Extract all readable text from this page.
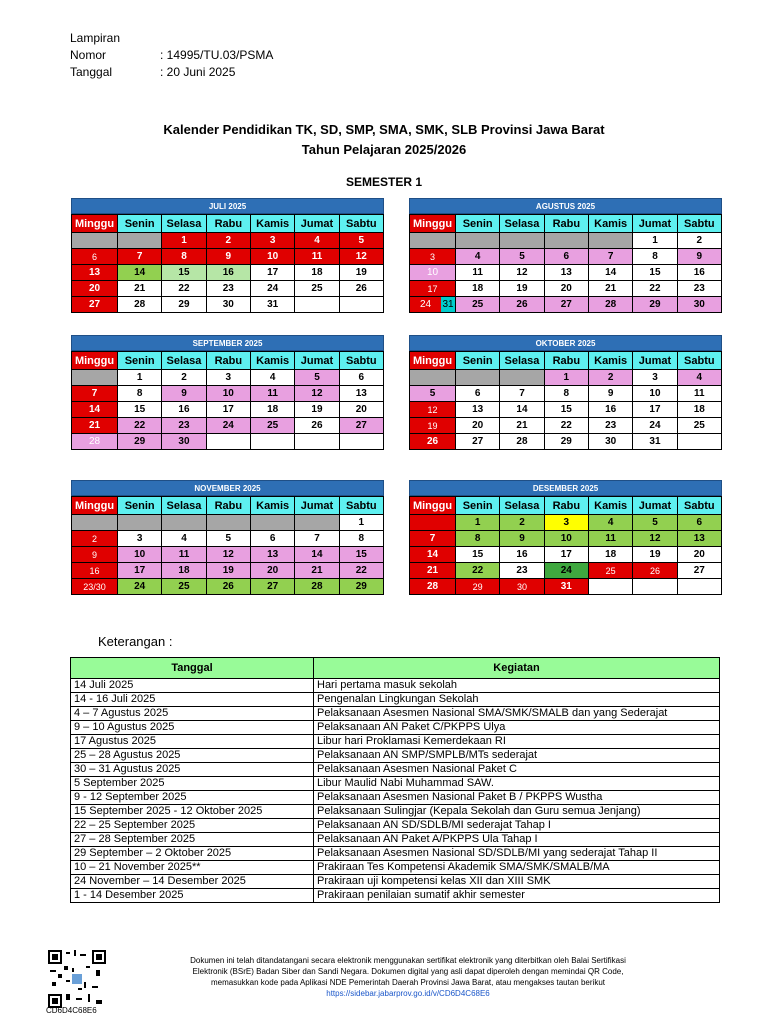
Lampiran
Nomor	: 14995/TU.03/PSMA
Tanggal	: 20 Juni 2025
Kalender Pendidikan TK, SD, SMP, SMA, SMK, SLB Provinsi Jawa Barat
Tahun Pelajaran 2025/2026
SEMESTER 1
JULI 2025
Minggu	Senin	Selasa	Rabu	Kamis	Jumat	Sabtu
		1	2	3	4	5
6	7	8	9	10	11	12
13	14	15	16	17	18	19
20	21	22	23	24	25	26
27	28	29	30	31		
AGUSTUS 2025
Minggu	Senin	Selasa	Rabu	Kamis	Jumat	Sabtu
					1	2
3	4	5	6	7	8	9
10	11	12	13	14	15	16
17	18	19	20	21	22	23

24 31	25	26	27	28	29	30
SEPTEMBER 2025
Minggu	Senin	Selasa	Rabu	Kamis	Jumat	Sabtu
	1	2	3	4	5	6
7	8	9	10	11	12	13
14	15	16	17	18	19	20
21	22	23	24	25	26	27
28	29	30				
OKTOBER 2025
Minggu	Senin	Selasa	Rabu	Kamis	Jumat	Sabtu
			1	2	3	4
5	6	7	8	9	10	11
12	13	14	15	16	17	18
19	20	21	22	23	24	25
26	27	28	29	30	31	
NOVEMBER 2025
Minggu	Senin	Selasa	Rabu	Kamis	Jumat	Sabtu
						1
2	3	4	5	6	7	8
9	10	11	12	13	14	15
16	17	18	19	20	21	22
23/30	24	25	26	27	28	29
DESEMBER 2025
Minggu	Senin	Selasa	Rabu	Kamis	Jumat	Sabtu
	1	2	3	4	5	6
7	8	9	10	11	12	13
14	15	16	17	18	19	20
21	22	23	24	25	26	27
28	29	30	31			
Keterangan :
Tanggal	Kegiatan
14 Juli 2025	Hari pertama masuk sekolah
14 - 16 Juli 2025	Pengenalan Lingkungan Sekolah
4 – 7 Agustus 2025	Pelaksanaan Asesmen Nasional SMA/SMK/SMALB dan yang Sederajat
9 – 10 Agustus 2025	Pelaksanaan AN Paket C/PKPPS Ulya
17 Agustus 2025	Libur hari Proklamasi Kemerdekaan RI
25 – 28 Agustus 2025	Pelaksanaan AN SMP/SMPLB/MTs sederajat
30 – 31 Agustus 2025	Pelaksanaan Asesmen Nasional Paket C
5 September 2025	Libur Maulid Nabi Muhammad SAW.
9 - 12 September 2025	Pelaksanaan Asesmen Nasional Paket B / PKPPS Wustha
15 September 2025 - 12 Oktober 2025	Pelaksanaan Sulingjar (Kepala Sekolah dan Guru semua Jenjang)
22 – 25 September 2025	Pelaksanaan AN SD/SDLB/MI sederajat Tahap I
27 – 28 September 2025	Pelaksanaan AN Paket A/PKPPS Ula Tahap I
29 September – 2 Oktober 2025	Pelaksanaan Asesmen Nasional SD/SDLB/MI yang sederajat Tahap II
10 – 21 November 2025**	Prakiraan Tes Kompetensi Akademik SMA/SMK/SMALB/MA
24 November – 14 Desember 2025	Prakiraan uji kompetensi kelas XII dan XIII SMK
1 - 14 Desember 2025	Prakiraan penilaian sumatif akhir semester
CD6D4C68E6
Dokumen ini telah ditandatangani secara elektronik menggunakan sertifikat elektronik yang diterbitkan oleh Balai Sertifikasi
Elektronik (BSrE) Badan Siber dan Sandi Negara. Dokumen digital yang asli dapat diperoleh dengan memindai QR Code,
memasukkan kode pada Aplikasi NDE Pemerintah Daerah Provinsi Jawa Barat, atau mengakses tautan berikut
https://sidebar.jabarprov.go.id/v/CD6D4C68E6
